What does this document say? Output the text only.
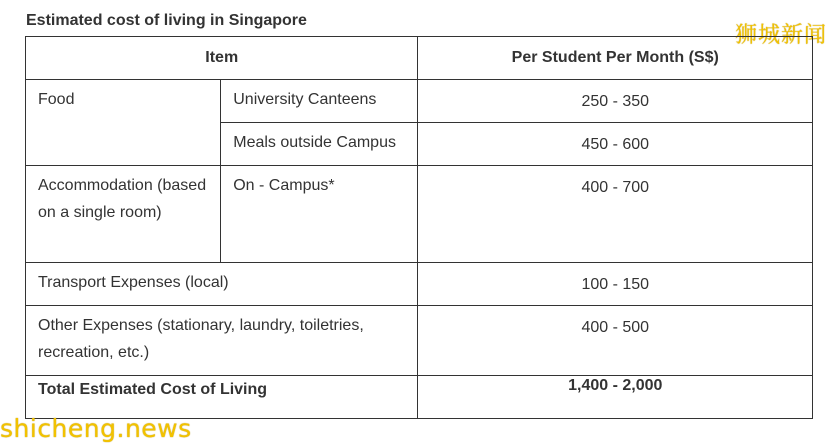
Estimated cost of living in Singapore
狮城新闻
Item		Per Student Per Month (S$)

Food	University Canteens	250 - 350

	Meals outside Campus	450 - 600

Accommodation (based on a single room)	On - Campus*	400 - 700

Transport Expenses (local)		100 - 150

Other Expenses (stationary, laundry, toiletries, recreation, etc.)		400 - 500

Total Estimated Cost of Living		1,400 - 2,000
shicheng.news
